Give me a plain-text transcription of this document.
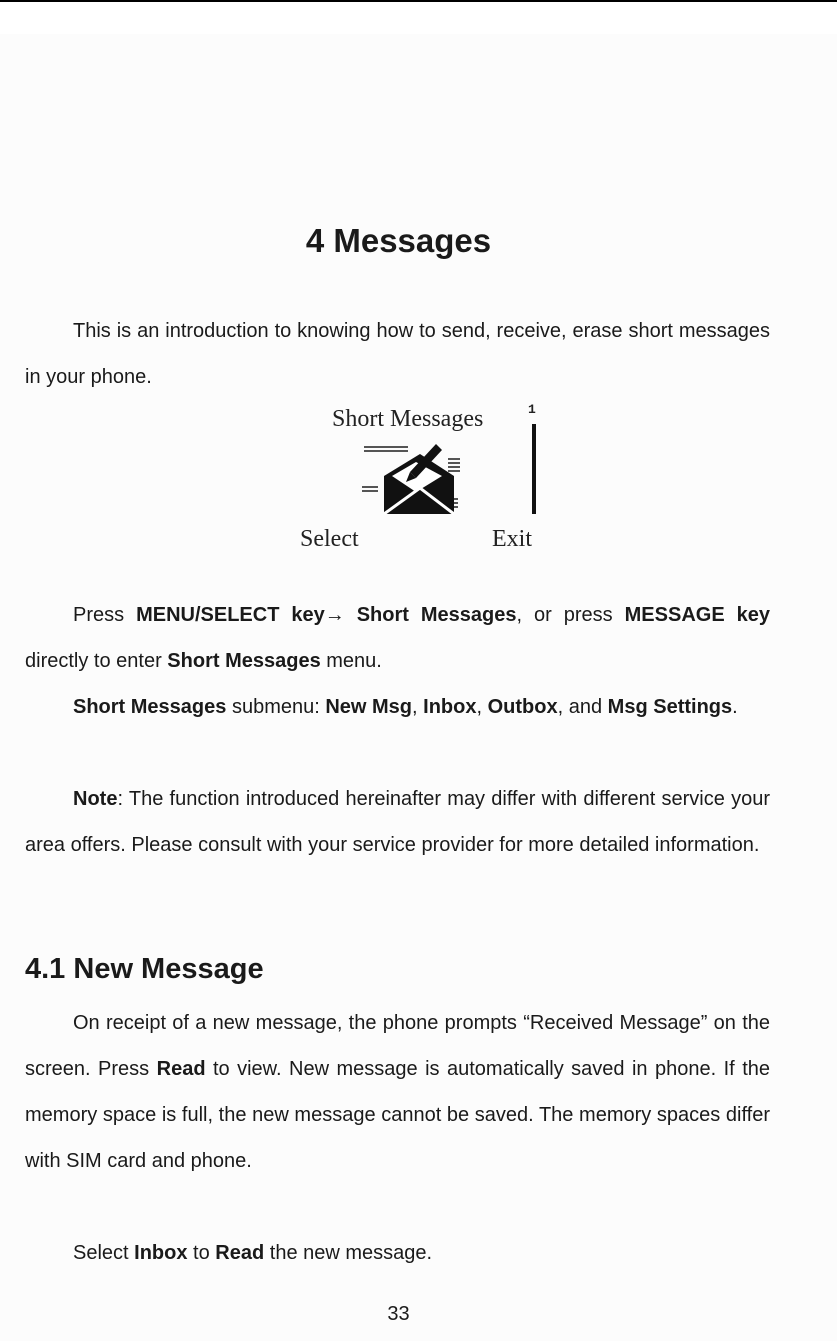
4 Messages

This is an introduction to knowing how to send, receive, erase short messages in your phone.

Short Messages	1
Select	Exit

Press MENU/SELECT key→ Short Messages, or press MESSAGE key directly to enter Short Messages menu.

Short Messages submenu: New Msg, Inbox, Outbox, and Msg Settings.

Note: The function introduced hereinafter may differ with different service your area offers. Please consult with your service provider for more detailed information.

4.1 New Message

On receipt of a new message, the phone prompts “Received Message” on the screen. Press Read to view. New message is automatically saved in phone. If the memory space is full, the new message cannot be saved. The memory spaces differ with SIM card and phone.

Select Inbox to Read the new message.

33
